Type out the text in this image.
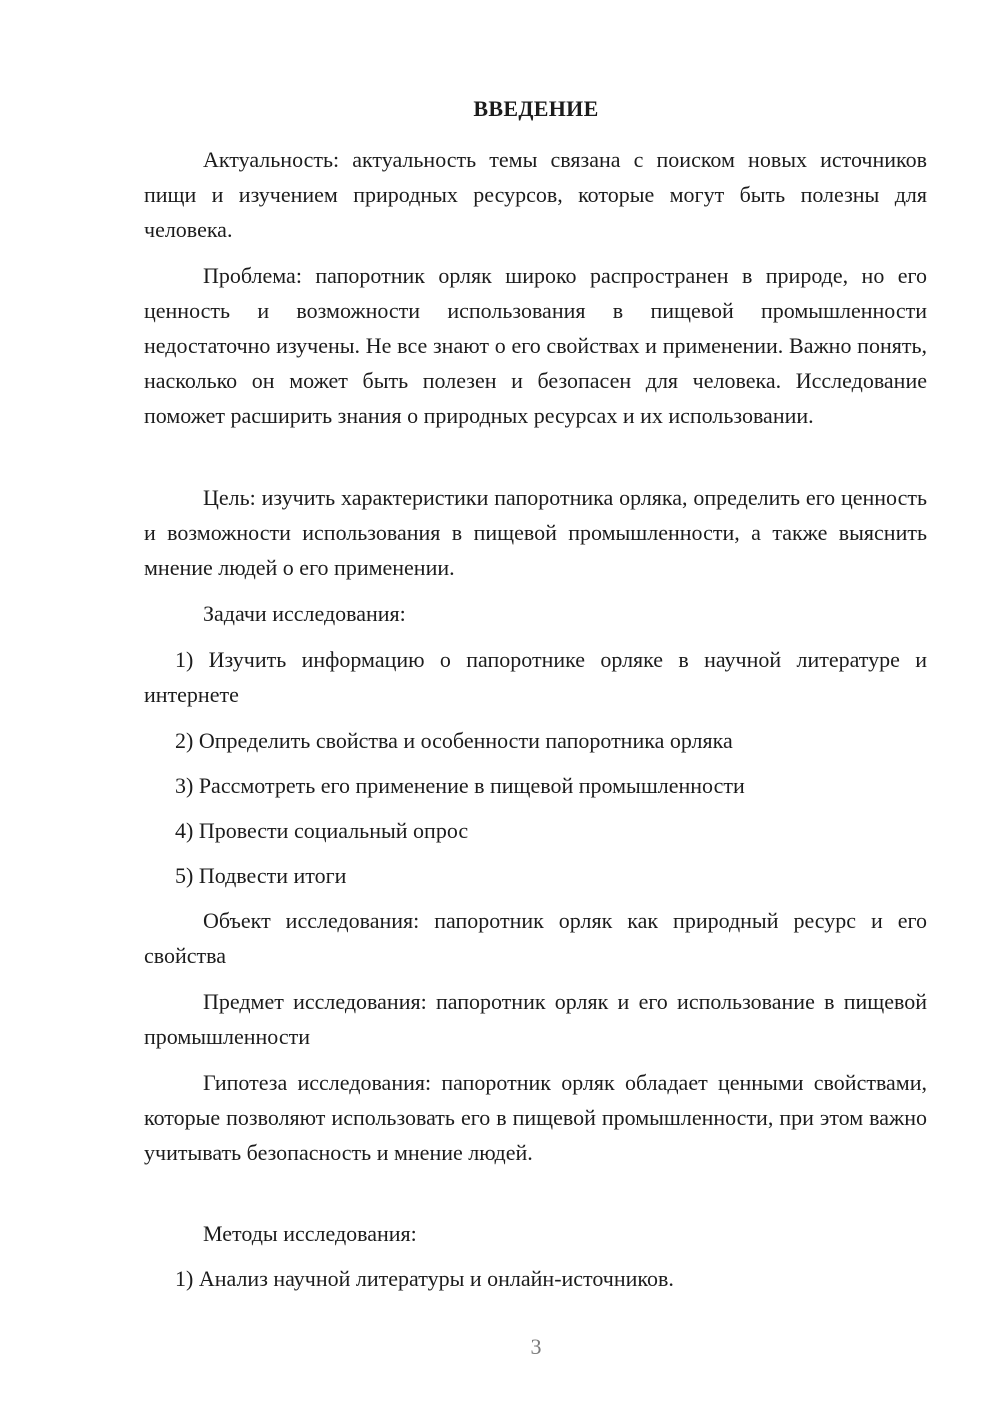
ВВЕДЕНИЕ
Актуальность: актуальность темы связана с поиском новых источников пищи и изучением природных ресурсов, которые могут быть полезны для человека.
Проблема: папоротник орляк широко распространен в природе, но его ценность и возможности использования в пищевой промышленности недостаточно изучены. Не все знают о его свойствах и применении. Важно понять, насколько он может быть полезен и безопасен для человека. Исследование поможет расширить знания о природных ресурсах и их использовании.
Цель: изучить характеристики папоротника орляка, определить его ценность и возможности использования в пищевой промышленности, а также выяснить мнение людей о его применении.
Задачи исследования:
1) Изучить информацию о папоротнике орляке в научной литературе и интернете
2) Определить свойства и особенности папоротника орляка
3) Рассмотреть его применение в пищевой промышленности
4) Провести социальный опрос
5) Подвести итоги
Объект исследования: папоротник орляк как природный ресурс и его свойства
Предмет исследования: папоротник орляк и его использование в пищевой промышленности
Гипотеза исследования: папоротник орляк обладает ценными свойствами, которые позволяют использовать его в пищевой промышленности, при этом важно учитывать безопасность и мнение людей.
Методы исследования:
1) Анализ научной литературы и онлайн-источников.
3
